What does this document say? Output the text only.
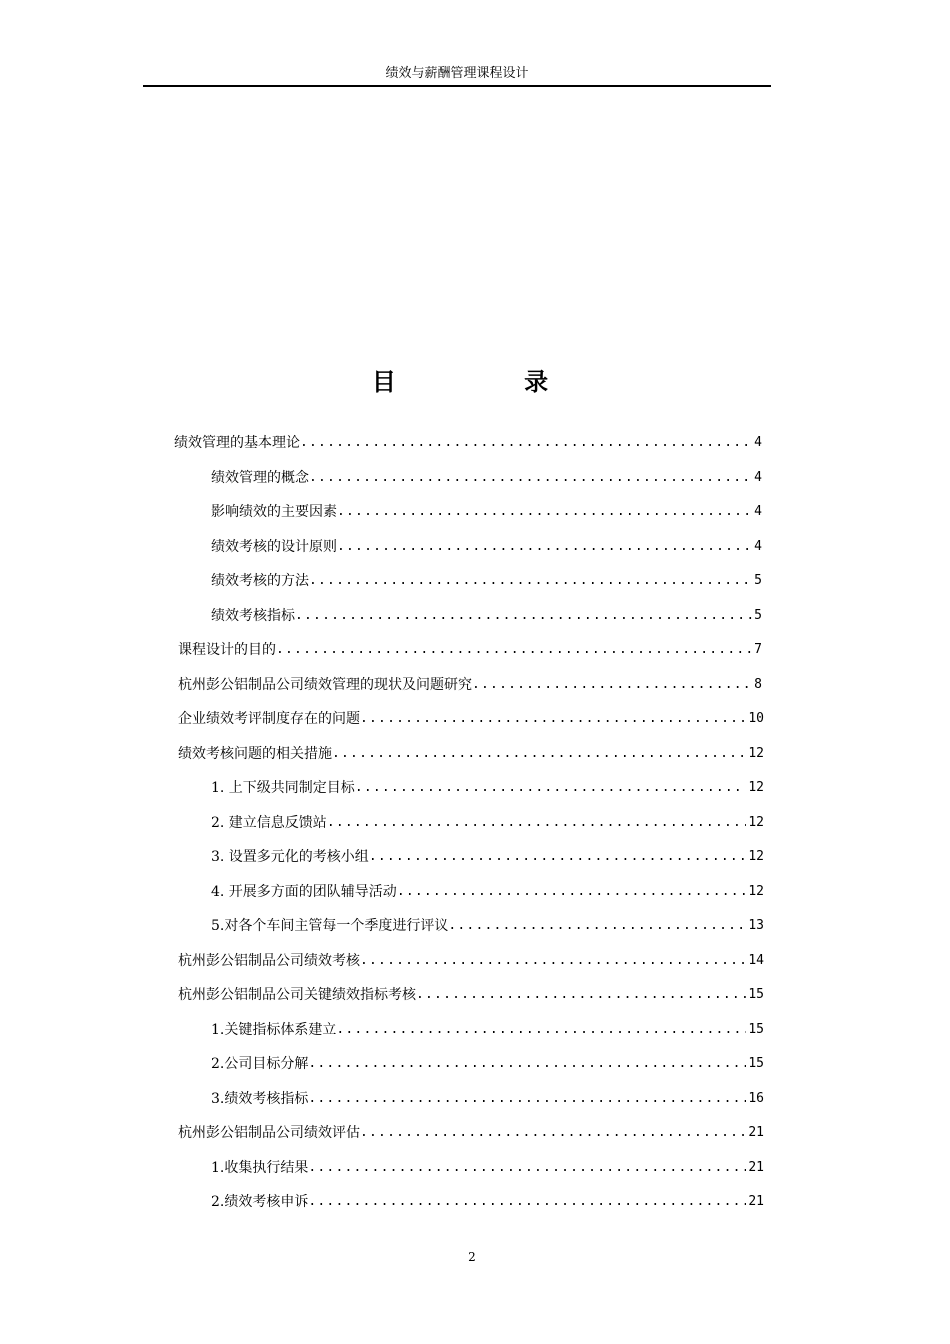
绩效与薪酬管理课程设计
目 录
绩效管理的基本理论 .....	4
绩效管理的概念 .....	4
影响绩效的主要因素 .....	4
绩效考核的设计原则 .....	4
绩效考核的方法 .....	5
绩效考核指标 .....	5
课程设计的目的 .....	7
杭州彭公铝制品公司绩效管理的现状及问题研究 .....	8
企业绩效考评制度存在的问题 .....	10
绩效考核问题的相关措施 .....	12
1. 上下级共同制定目标 .....	12
2. 建立信息反馈站 .....	12
3. 设置多元化的考核小组 .....	12
4. 开展多方面的团队辅导活动 .....	12
5.对各个车间主管每一个季度进行评议 .....	13
杭州彭公铝制品公司绩效考核 .....	14
杭州彭公铝制品公司关键绩效指标考核 .....	15
1.关键指标体系建立 .....	15
2.公司目标分解 .....	15
3.绩效考核指标 .....	16
杭州彭公铝制品公司绩效评估 .....	21
1.收集执行结果 .....	21
2.绩效考核申诉 .....	21
2
